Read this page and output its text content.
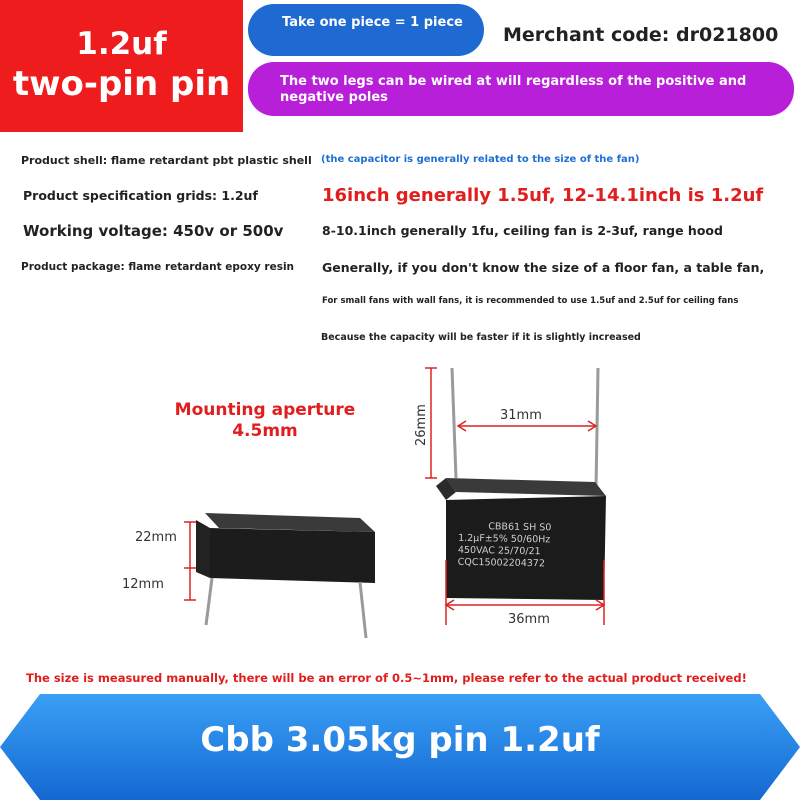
1.2uf
two-pin pin
Take one piece = 1 piece
Merchant code: dr021800
The two legs can be wired at will regardless of the positive and negative poles
Product shell: flame retardant pbt plastic shell
Product specification grids: 1.2uf
Working voltage: 450v or 500v
Product package: flame retardant epoxy resin
(the capacitor is generally related to the size of the fan)
16inch generally 1.5uf, 12-14.1inch is 1.2uf
8-10.1inch generally 1fu, ceiling fan is 2-3uf, range hood
Generally, if you don't know the size of a floor fan, a table fan,
For small fans with wall fans, it is recommended to use 1.5uf and 2.5uf for ceiling fans
Because the capacity will be faster if it is slightly increased
Mounting aperture
4.5mm
22mm
12mm
26mm	31mm
36mm
CBB61 SH S0
1.2µF±5% 50/60Hz
450VAC 25/70/21
CQC15002204372
The size is measured manually, there will be an error of 0.5~1mm, please refer to the actual product received!
Cbb 3.05kg pin 1.2uf
